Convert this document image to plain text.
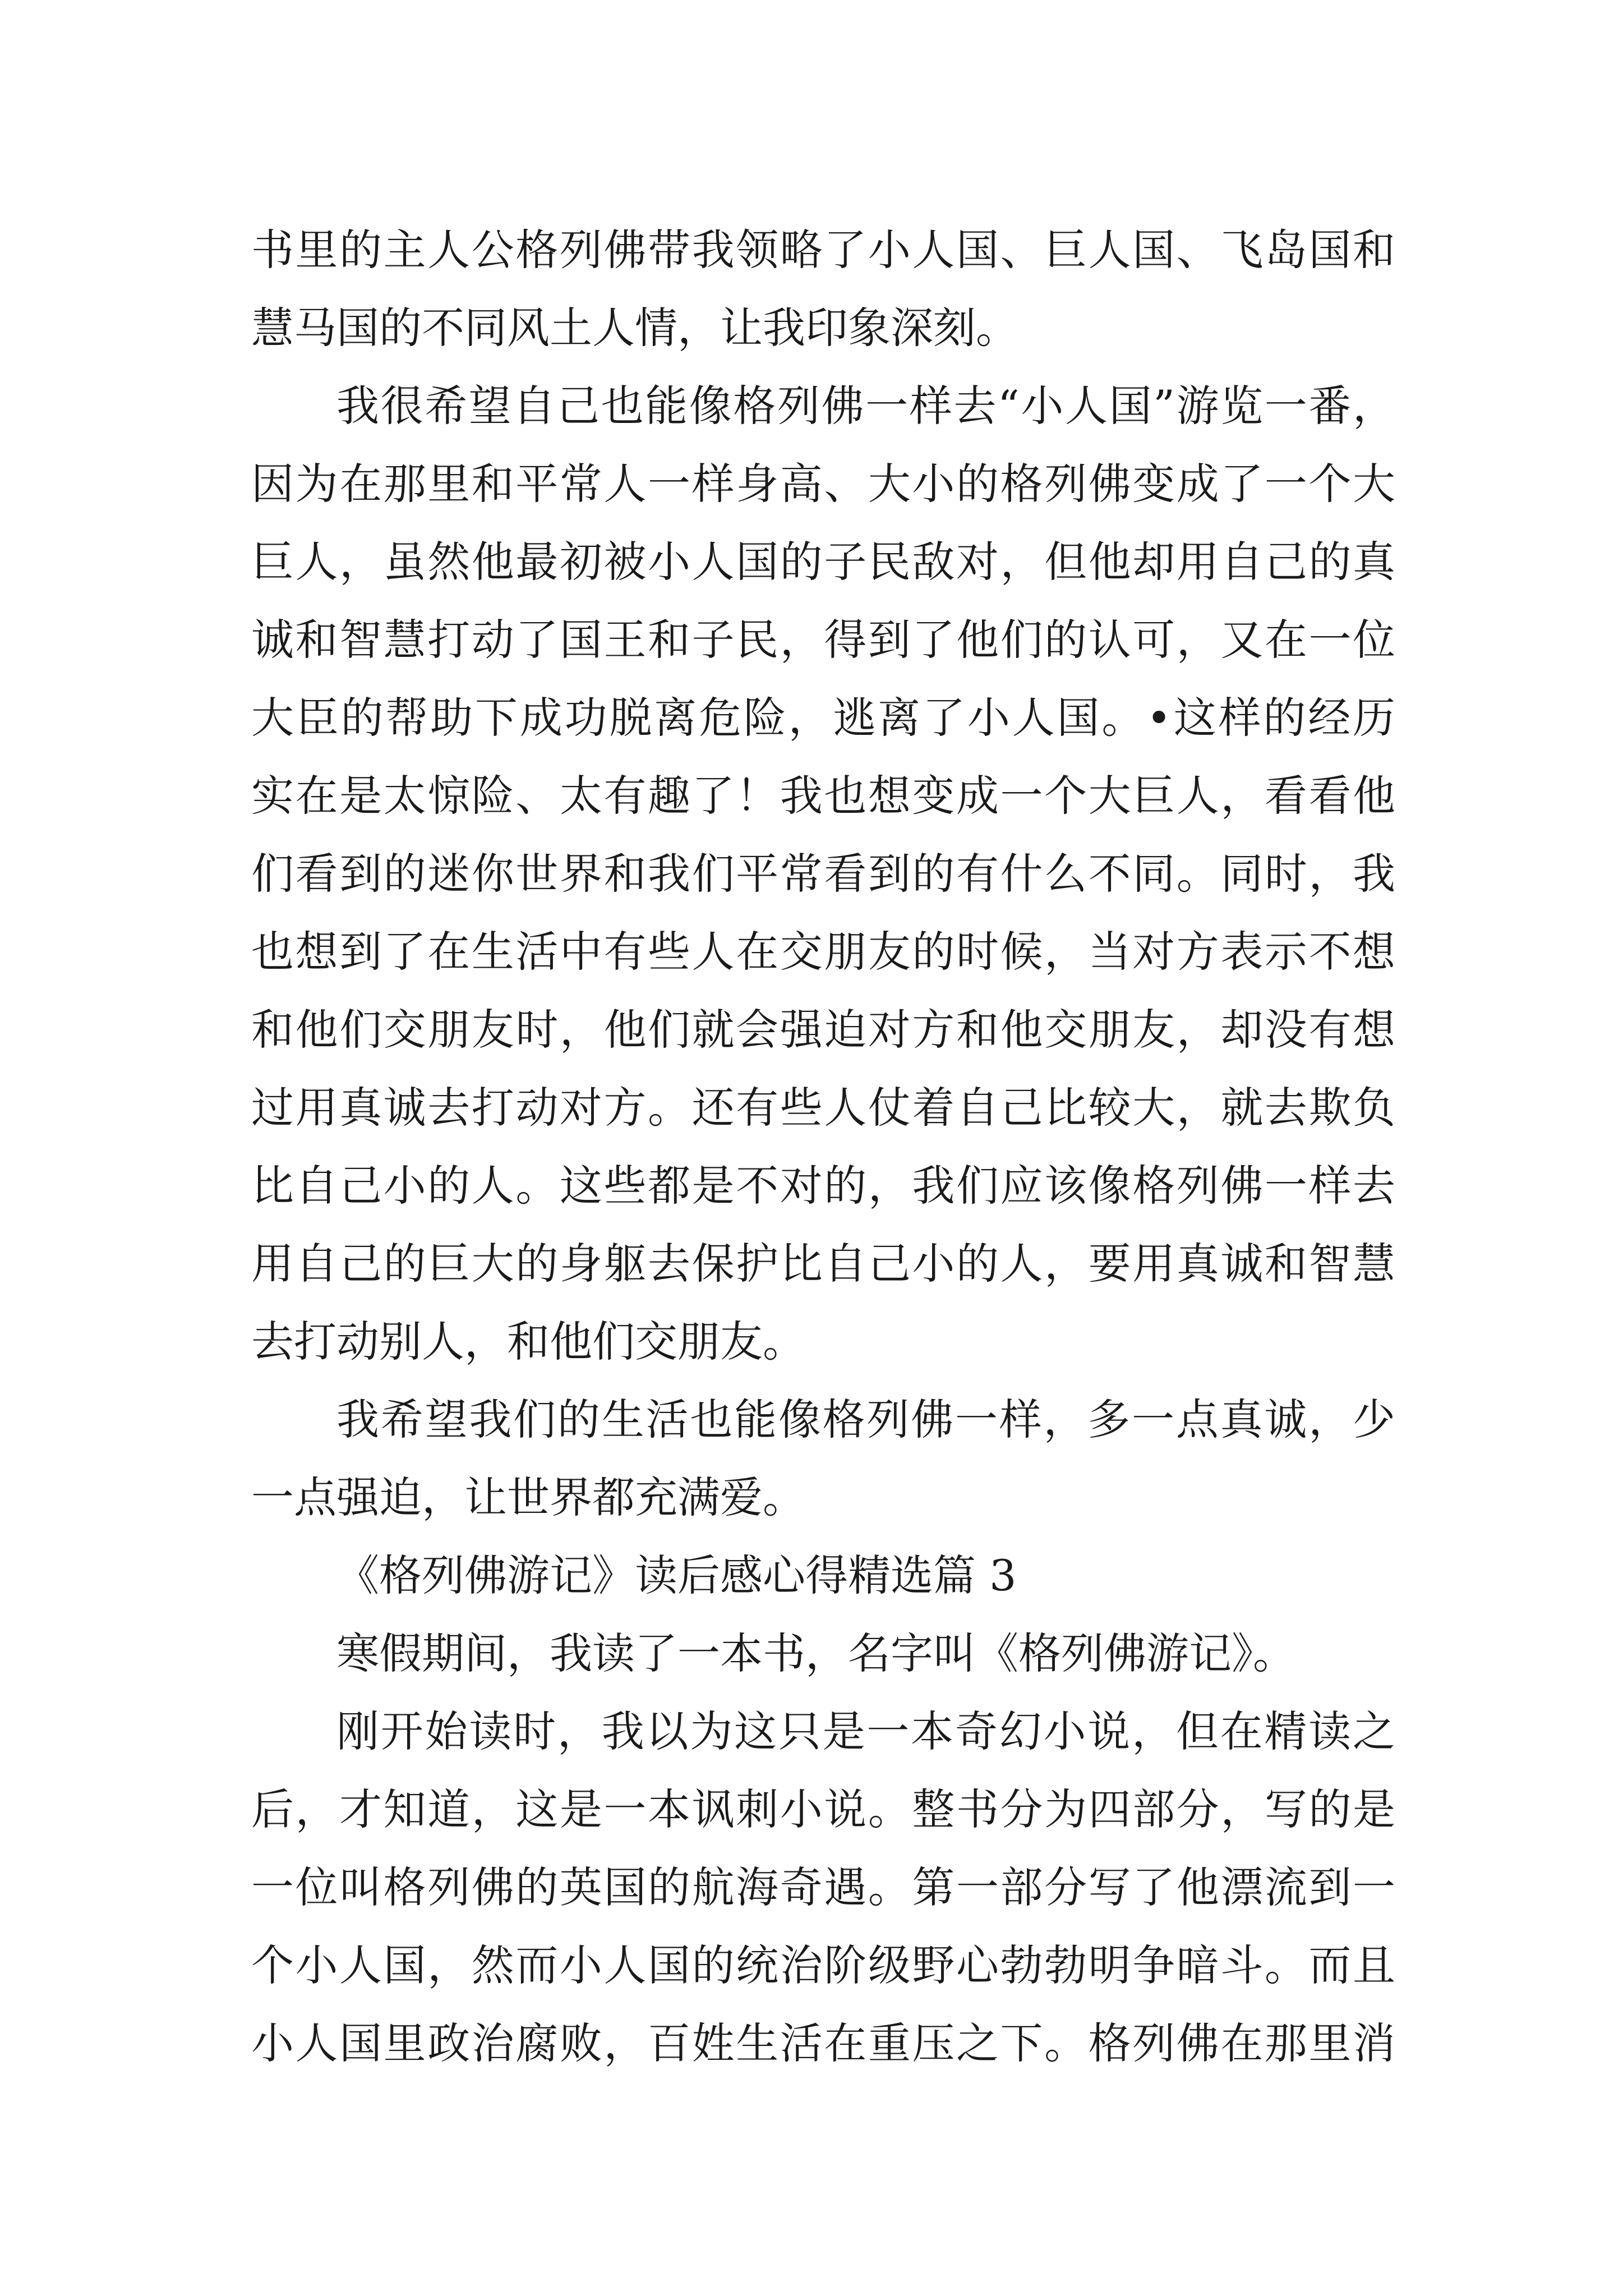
书里的主人公格列佛带我领略了小人国、巨人国、飞岛国和
慧马国的不同风土人情，让我印象深刻。
我很希望自己也能像格列佛一样去“小人国”游览一番，
因为在那里和平常人一样身高、大小的格列佛变成了一个大
巨人，虽然他最初被小人国的子民敌对，但他却用自己的真
诚和智慧打动了国王和子民，得到了他们的认可，又在一位
大臣的帮助下成功脱离危险，逃离了小人国。•这样的经历
实在是太惊险、太有趣了！我也想变成一个大巨人，看看他
们看到的迷你世界和我们平常看到的有什么不同。同时，我
也想到了在生活中有些人在交朋友的时候，当对方表示不想
和他们交朋友时，他们就会强迫对方和他交朋友，却没有想
过用真诚去打动对方。还有些人仗着自己比较大，就去欺负
比自己小的人。这些都是不对的，我们应该像格列佛一样去
用自己的巨大的身躯去保护比自己小的人，要用真诚和智慧
去打动别人，和他们交朋友。
我希望我们的生活也能像格列佛一样，多一点真诚，少
一点强迫，让世界都充满爱。
《格列佛游记》读后感心得精选篇 3
寒假期间，我读了一本书，名字叫《格列佛游记》。
刚开始读时，我以为这只是一本奇幻小说，但在精读之
后，才知道，这是一本讽刺小说。整书分为四部分，写的是
一位叫格列佛的英国的航海奇遇。第一部分写了他漂流到一
个小人国，然而小人国的统治阶级野心勃勃明争暗斗。而且
小人国里政治腐败，百姓生活在重压之下。格列佛在那里消
